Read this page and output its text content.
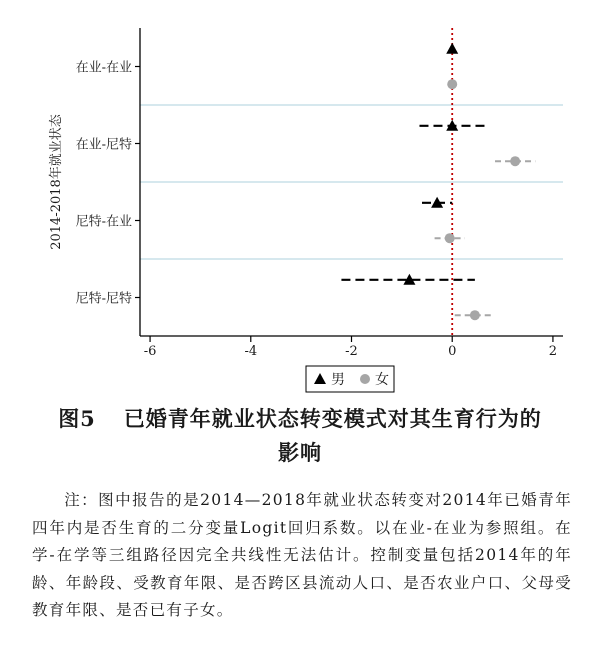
-6	-4	-2	0	2
在业-在业
在业-尼特
尼特-在业
尼特-尼特
2014-2018年就业状态
男 女
图5 已婚青年就业状态转变模式对其生育行为的
影响
注：图中报告的是2014—2018年就业状态转变对2014年已婚青年四年内是否生育的二分变量Logit回归系数。以在业-在业为参照组。在学-在学等三组路径因完全共线性无法估计。控制变量包括2014年的年龄、年龄段、受教育年限、是否跨区县流动人口、是否农业户口、父母受教育年限、是否已有子女。
